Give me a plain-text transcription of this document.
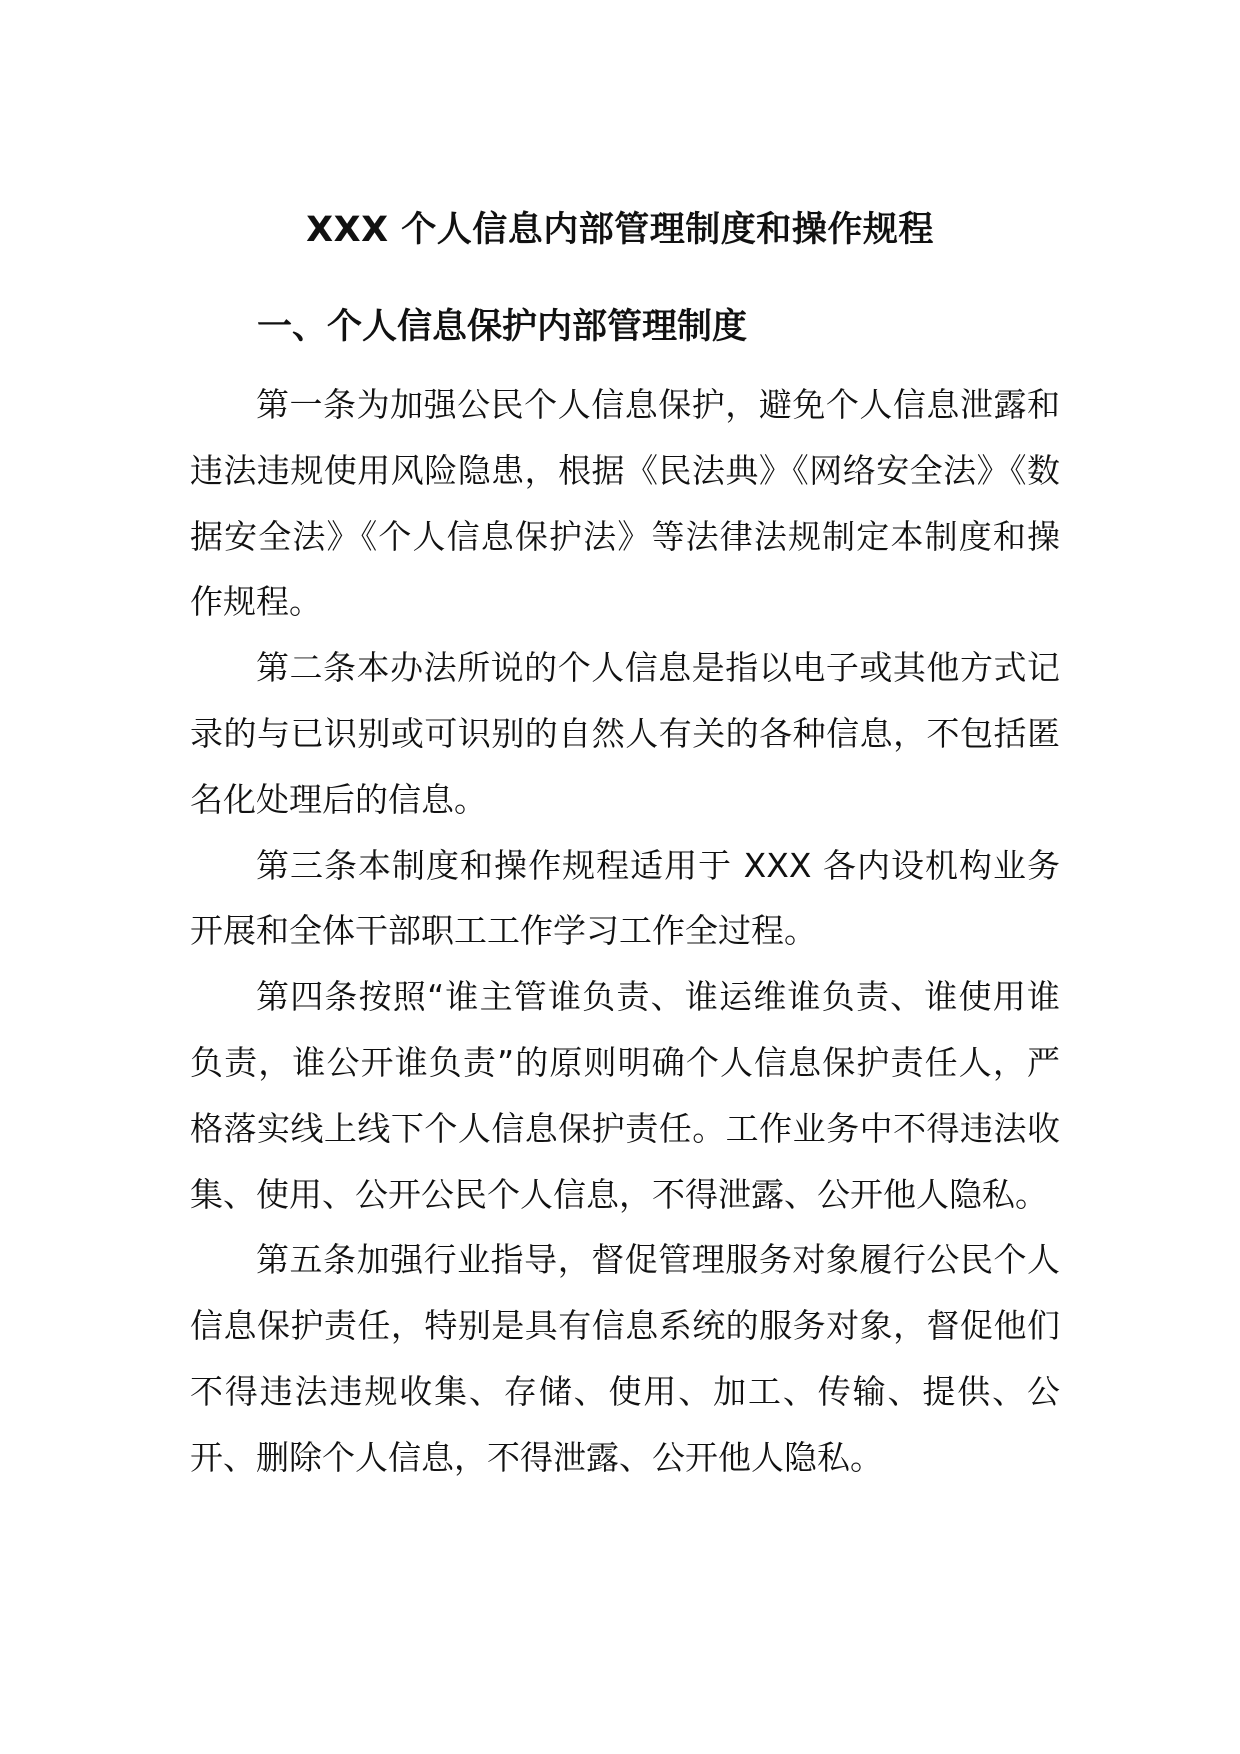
XXX 个人信息内部管理制度和操作规程
一、个人信息保护内部管理制度

第一条为加强公民个人信息保护，避免个人信息泄露和违法违规使用风险隐患，根据《民法典》《网络安全法》《数据安全法》《个人信息保护法》等法律法规制定本制度和操作规程。

第二条本办法所说的个人信息是指以电子或其他方式记录的与已识别或可识别的自然人有关的各种信息，不包括匿名化处理后的信息。

第三条本制度和操作规程适用于 XXX 各内设机构业务开展和全体干部职工工作学习工作全过程。

第四条按照“谁主管谁负责、谁运维谁负责、谁使用谁负责，谁公开谁负责”的原则明确个人信息保护责任人，严格落实线上线下个人信息保护责任。工作业务中不得违法收集、使用、公开公民个人信息，不得泄露、公开他人隐私。

第五条加强行业指导，督促管理服务对象履行公民个人信息保护责任，特别是具有信息系统的服务对象，督促他们不得违法违规收集、存储、使用、加工、传输、提供、公开、删除个人信息，不得泄露、公开他人隐私。
